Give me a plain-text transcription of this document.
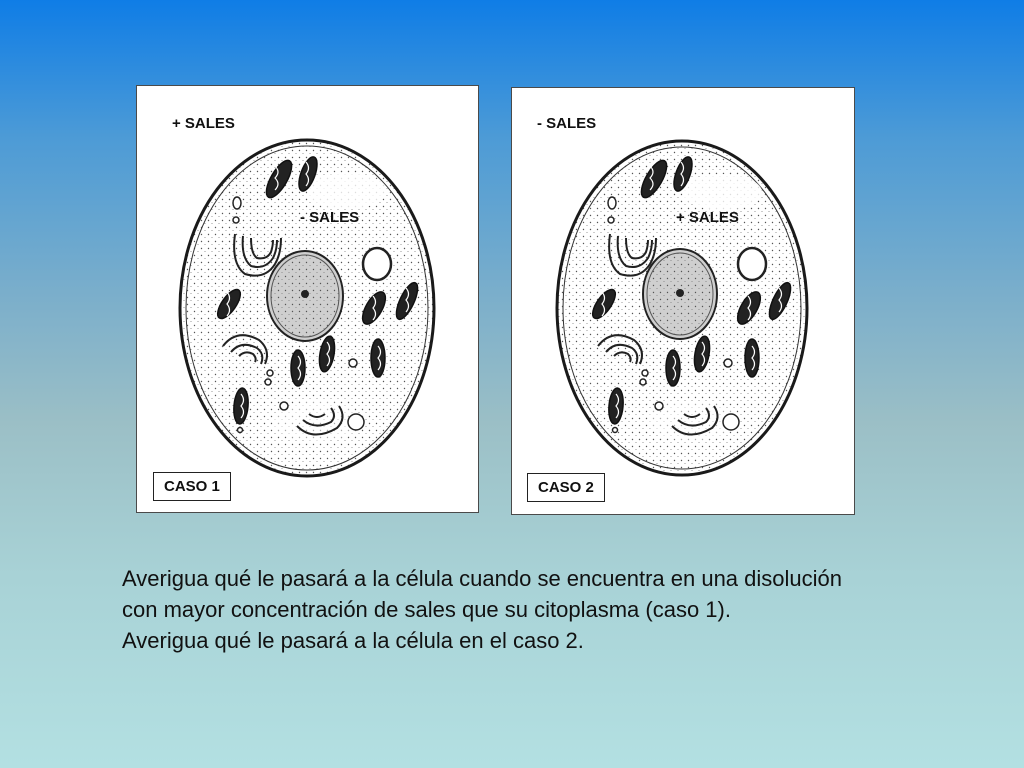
+ SALES
- SALES
CASO 1
- SALES
+ SALES
CASO 2

Averigua qué le pasará a la célula cuando se encuentra en una disolución con mayor concentración de sales que su citoplasma (caso 1).

Averigua qué le pasará a la célula en el caso 2.
